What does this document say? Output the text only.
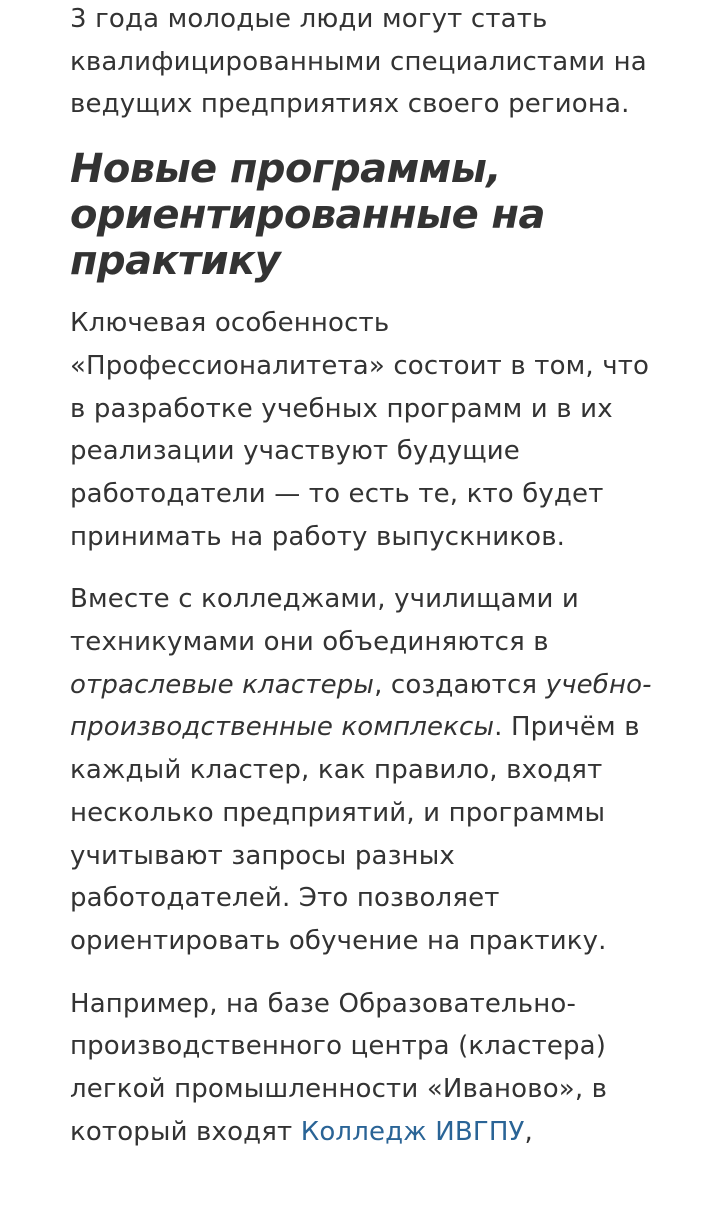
3 года молодые люди могут стать квалифицированными специалистами на ведущих предприятиях своего региона.

Новые программы, ориентированные на практику

Ключевая особенность «Профессионалитета» состоит в том, что в разработке учебных программ и в их реализации участвуют будущие работодатели — то есть те, кто будет принимать на работу выпускников.

Вместе с колледжами, училищами и техникумами они объединяются в отраслевые кластеры, создаются учебно-производственные комплексы. Причём в каждый кластер, как правило, входят несколько предприятий, и программы учитывают запросы разных работодателей. Это позволяет ориентировать обучение на практику.

Например, на базе Образовательно-производственного центра (кластера) легкой промышленности «Иваново», в который входят Колледж ИВГПУ,
